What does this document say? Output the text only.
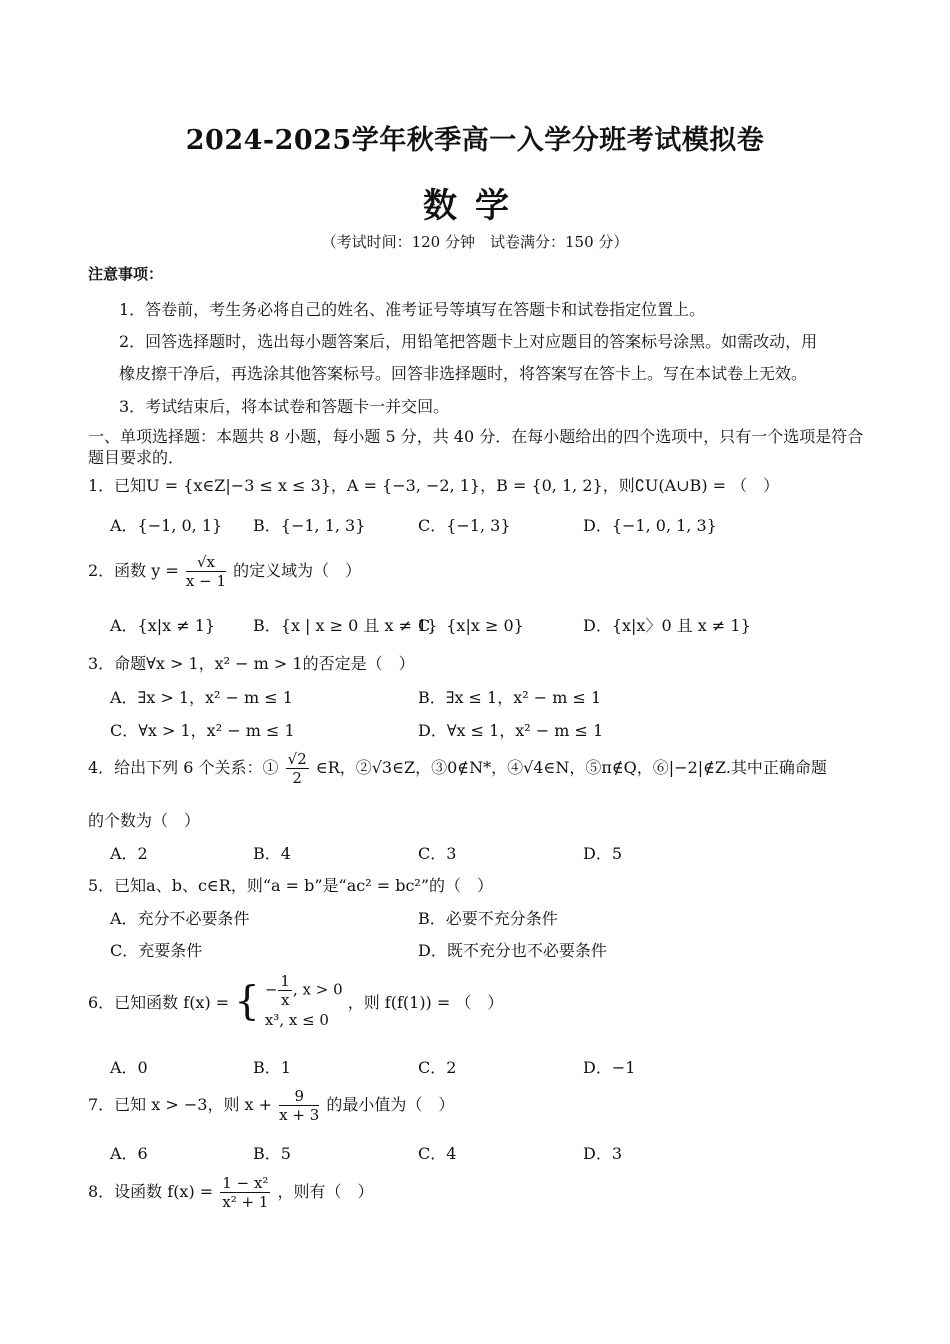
2024-2025学年秋季高一入学分班考试模拟卷
数学
（考试时间：120 分钟　试卷满分：150 分）
注意事项：
1．答卷前，考生务必将自己的姓名、准考证号等填写在答题卡和试卷指定位置上。
2．回答选择题时，选出每小题答案后，用铅笔把答题卡上对应题目的答案标号涂黑。如需改动，用
橡皮擦干净后，再选涂其他答案标号。回答非选择题时，将答案写在答卡上。写在本试卷上无效。
3．考试结束后，将本试卷和答题卡一并交回。
一、单项选择题：本题共 8 小题，每小题 5 分，共 40 分．在每小题给出的四个选项中，只有一个选项是符合题目要求的．
1．已知U = {x∈Z|−3 ≤ x ≤ 3}，A = {−3, −2, 1}，B = {0, 1, 2}，则∁U(A∪B) = （　）
A．{−1, 0, 1} B．{−1, 1, 3}	C．{−1, 3}	D．{−1, 0, 1, 3}
2．函数 $y = \frac{√x}{x - 1}$ 的定义域为（　）
A．{x|x ≠ 1} B．{x | x ≥ 0 且 x ≠ 1}
C．{x|x ≥ 0}	D．{x|x〉0 且 x ≠ 1}
3．命题∀x > 1，x² − m > 1的否定是（　）
A．∃x > 1，x² − m ≤ 1	B．∃x ≤ 1，x² − m ≤ 1
C．∀x > 1，x² − m ≤ 1	D．∀x ≤ 1，x² − m ≤ 1
4．给出下列 6 个关系：① $\frac{√2}{2}$ ∈R，②√3∈Z，③0∉N*，④√4∈N，⑤π∉Q，⑥|−2|∉Z.其中正确命题
的个数为（　）
A．2	B．4	C．3	D．5
5．已知a、b、c∈R，则“a = b”是“ac² = bc²”的（　）
A．充分不必要条件	B．必要不充分条件
C．充要条件	D．既不充分也不必要条件
6．已知函数 f(x) = { − $\frac{1}{x}$ , x > 0
x³, x ≤ 0
，则 f(f(1)) = （　）
A．0	B．1	C．2	D．−1
7．已知 x > −3，则 $x + \frac{9}{x + 3}$ 的最小值为（　）
A．6	B．5	C．4	D．3
8．设函数 $f(x) = \frac{\text{1 − x²}}{\text{x² + 1}}$ ，则有（　）
